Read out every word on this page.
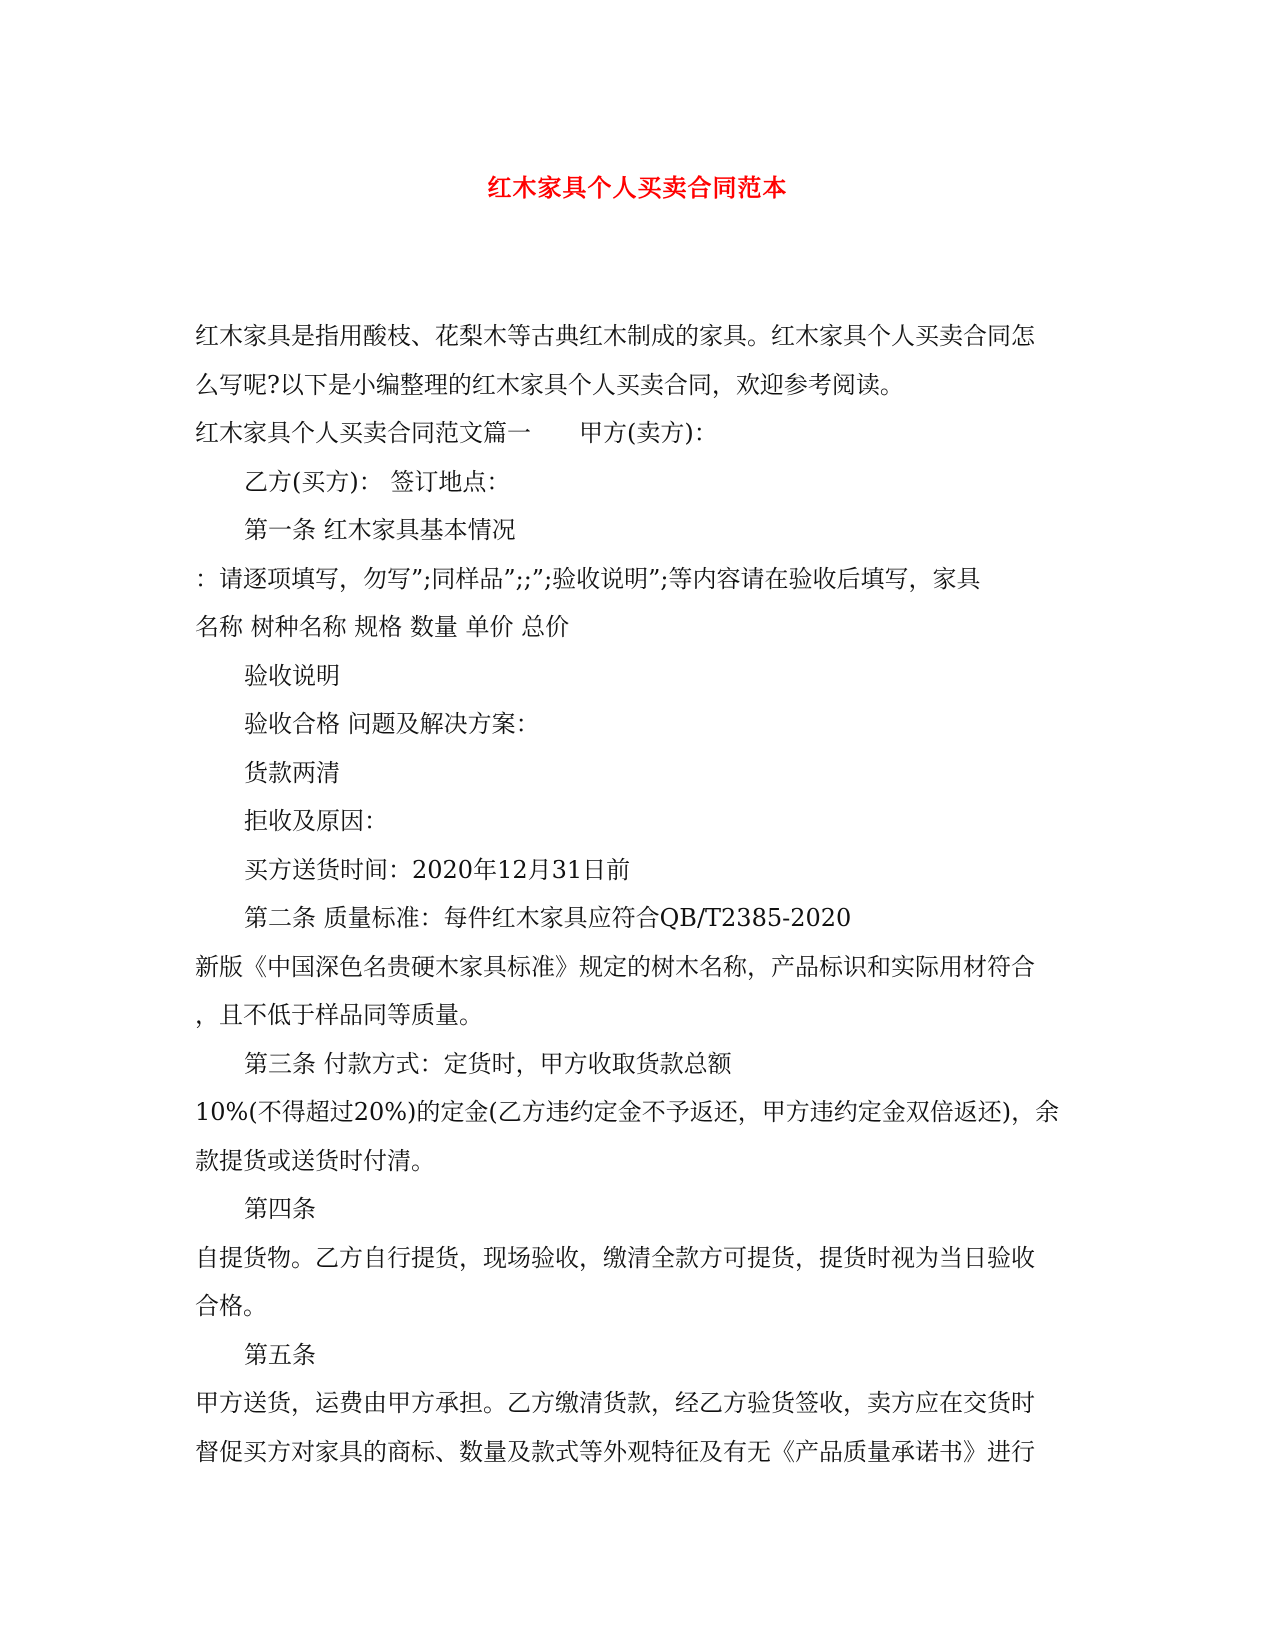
红木家具个人买卖合同范本
红木家具是指用酸枝、花梨木等古典红木制成的家具。红木家具个人买卖合同怎
么写呢?以下是小编整理的红木家具个人买卖合同，欢迎参考阅读。
红木家具个人买卖合同范文篇一 甲方(卖方)：
乙方(买方)： 签订地点：
第一条 红木家具基本情况
：请逐项填写，勿写”;同样品”;;”;验收说明”;等内容请在验收后填写，家具
名称 树种名称 规格 数量 单价 总价
验收说明
验收合格 问题及解决方案：
货款两清
拒收及原因：
买方送货时间：2020年12月31日前
第二条 质量标准：每件红木家具应符合QB/T2385-2020
新版《中国深色名贵硬木家具标准》规定的树木名称，产品标识和实际用材符合
，且不低于样品同等质量。
第三条 付款方式：定货时，甲方收取货款总额
10%(不得超过20%)的定金(乙方违约定金不予返还，甲方违约定金双倍返还)，余
款提货或送货时付清。
第四条
自提货物。乙方自行提货，现场验收，缴清全款方可提货，提货时视为当日验收
合格。
第五条
甲方送货，运费由甲方承担。乙方缴清货款，经乙方验货签收，卖方应在交货时
督促买方对家具的商标、数量及款式等外观特征及有无《产品质量承诺书》进行
